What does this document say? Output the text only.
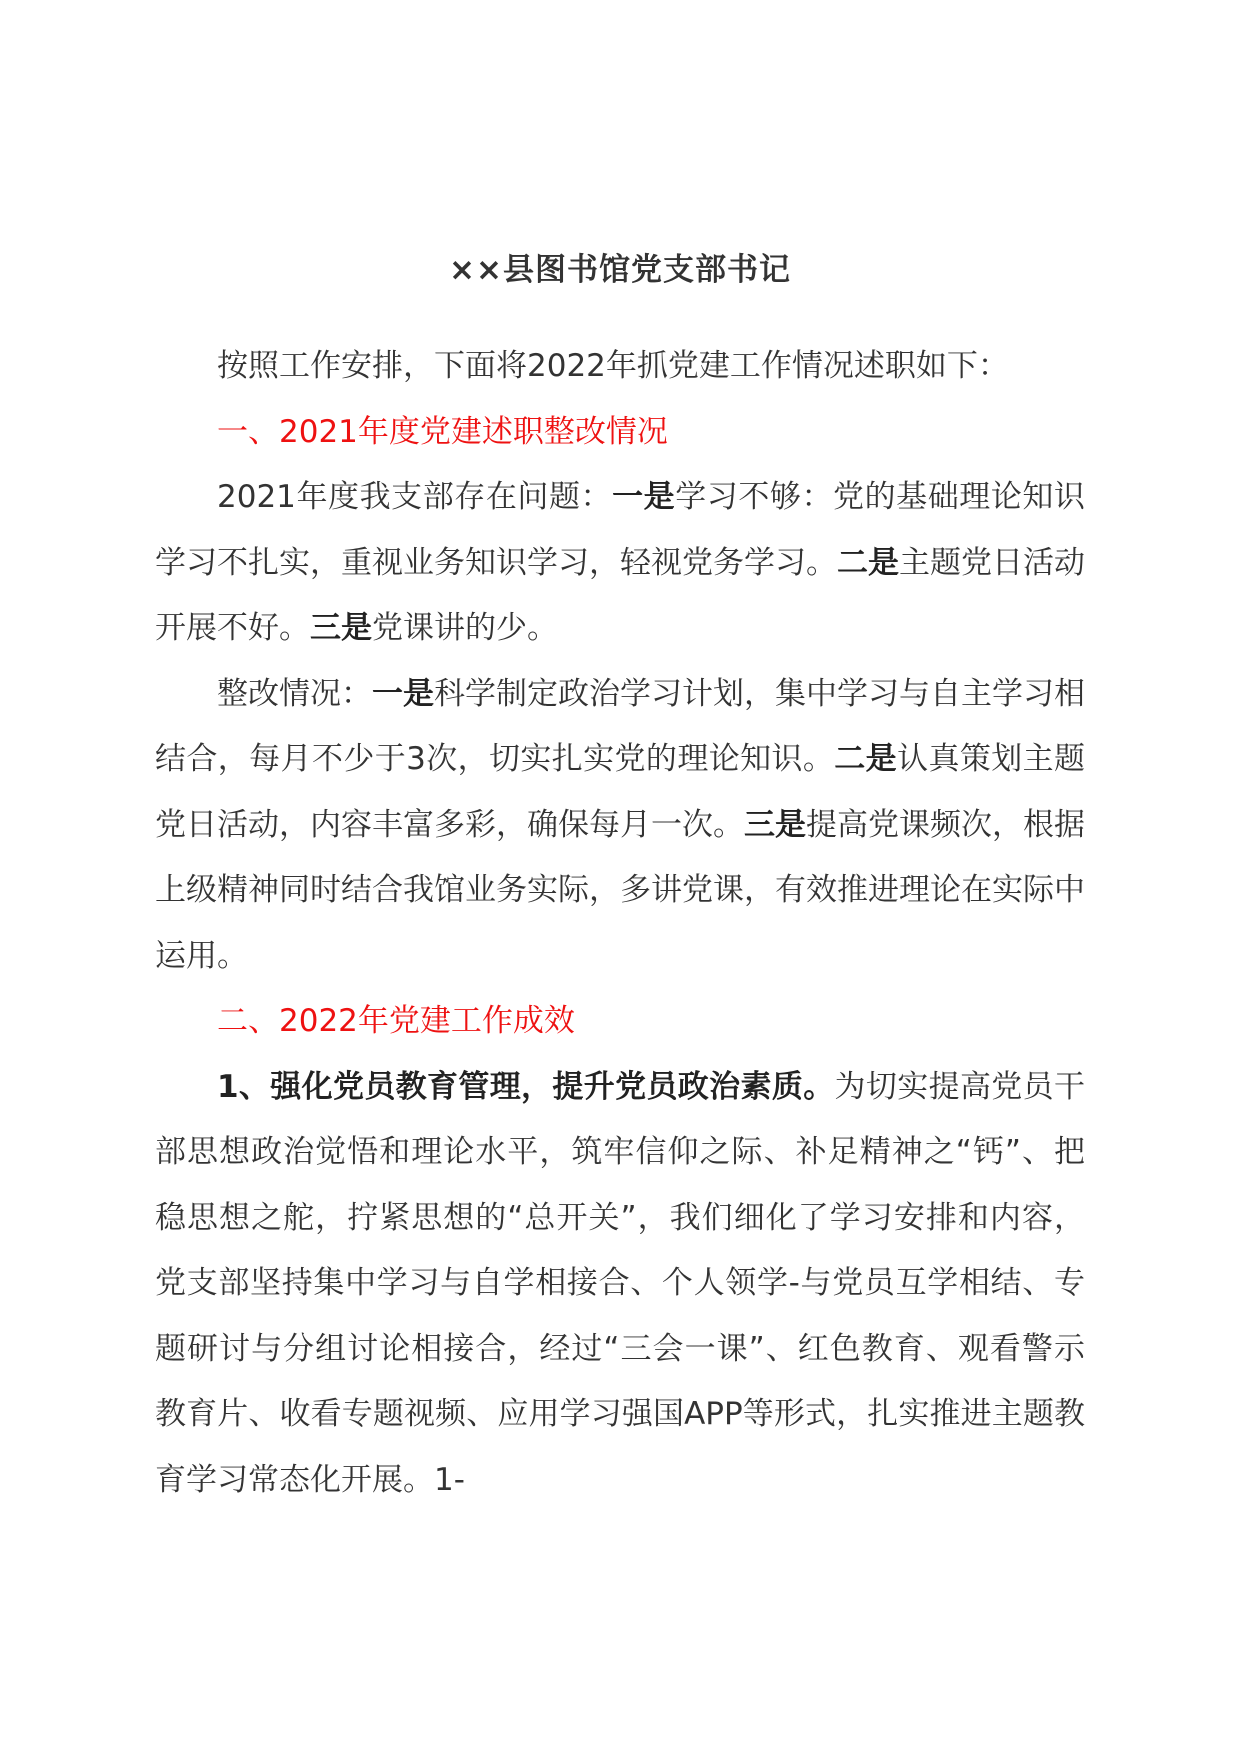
××县图书馆党支部书记

按照工作安排，下面将2022年抓党建工作情况述职如下：

一、2021年度党建述职整改情况

2021年度我支部存在问题：一是学习不够：党的基础理论知识学习不扎实，重视业务知识学习，轻视党务学习。二是主题党日活动开展不好。三是党课讲的少。

整改情况：一是科学制定政治学习计划，集中学习与自主学习相结合，每月不少于3次，切实扎实党的理论知识。二是认真策划主题党日活动，内容丰富多彩，确保每月一次。三是提高党课频次，根据上级精神同时结合我馆业务实际，多讲党课，有效推进理论在实际中运用。

二、2022年党建工作成效

1、强化党员教育管理，提升党员政治素质。为切实提高党员干部思想政治觉悟和理论水平，筑牢信仰之际、补足精神之“钙”、把稳思想之舵，拧紧思想的“总开关”，我们细化了学习安排和内容，党支部坚持集中学习与自学相接合、个人领学-与党员互学相结、专题研讨与分组讨论相接合，经过“三会一课”、红色教育、观看警示教育片、收看专题视频、应用学习强国APP等形式，扎实推进主题教育学习常态化开展。1-
